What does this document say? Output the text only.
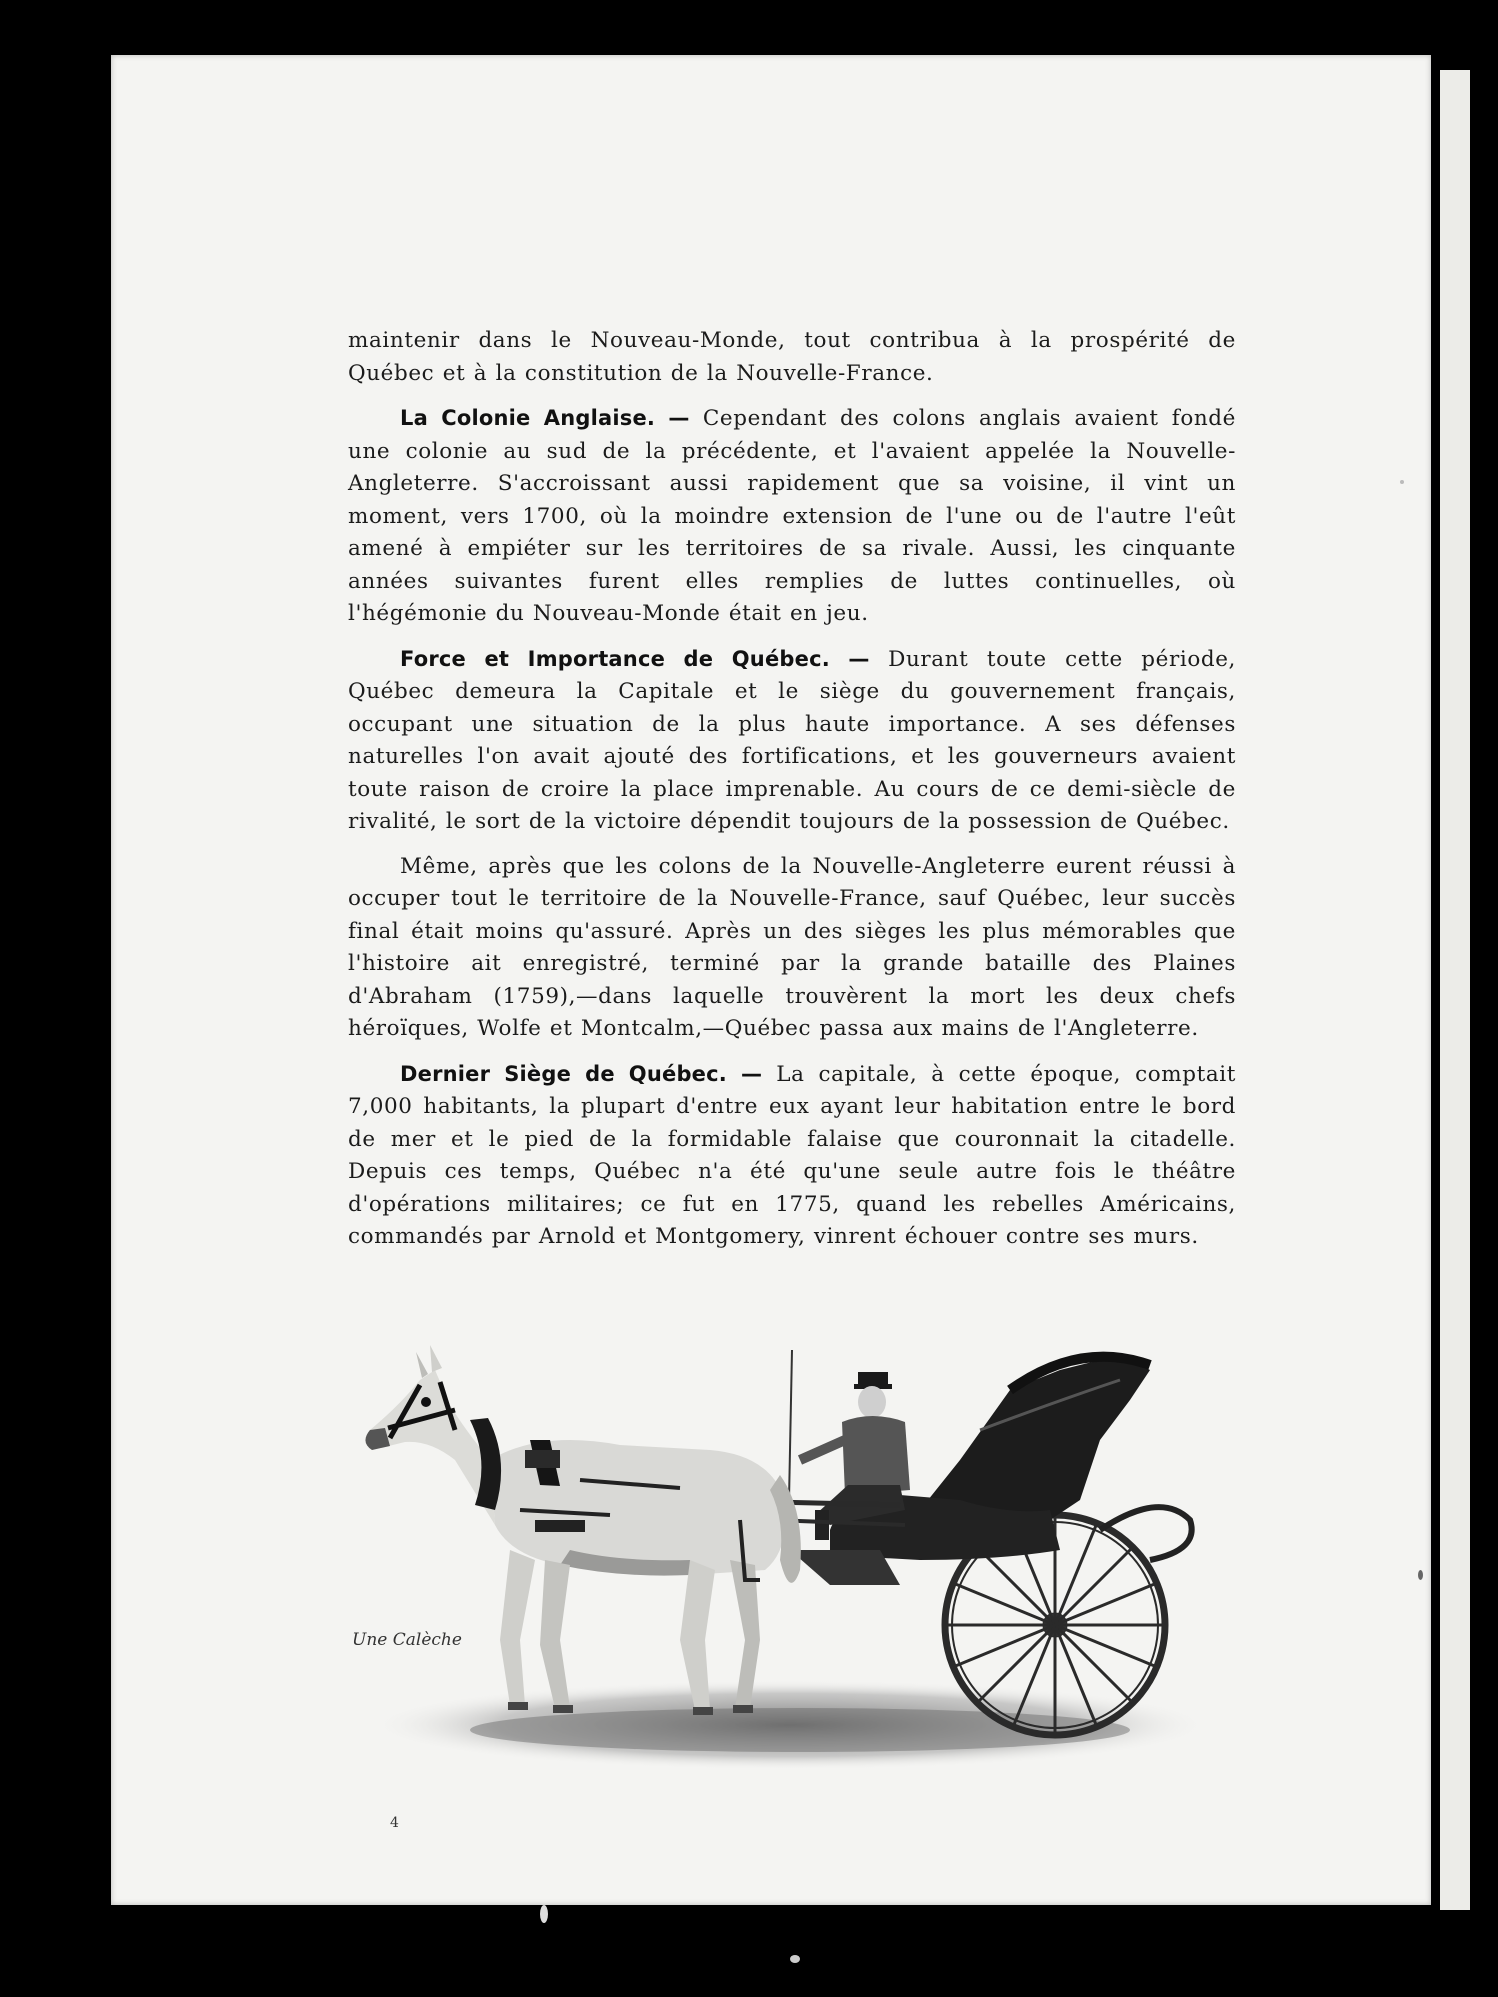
maintenir dans le Nouveau-Monde, tout contribua à la prospérité de Québec et à la constitution de la Nouvelle-France.

La Colonie Anglaise. — Cependant des colons anglais avaient fondé une colonie au sud de la précédente, et l'avaient appelée la Nouvelle-Angleterre. S'accroissant aussi rapidement que sa voisine, il vint un moment, vers 1700, où la moindre extension de l'une ou de l'autre l'eût amené à empiéter sur les territoires de sa rivale. Aussi, les cinquante années suivantes furent elles remplies de luttes continuelles, où l'hégémonie du Nouveau-Monde était en jeu.

Force et Importance de Québec. — Durant toute cette période, Québec demeura la Capitale et le siège du gouvernement français, occupant une situation de la plus haute importance. A ses défenses naturelles l'on avait ajouté des fortifications, et les gouverneurs avaient toute raison de croire la place imprenable. Au cours de ce demi-siècle de rivalité, le sort de la victoire dépendit toujours de la possession de Québec.

Même, après que les colons de la Nouvelle-Angleterre eurent réussi à occuper tout le territoire de la Nouvelle-France, sauf Québec, leur succès final était moins qu'assuré. Après un des sièges les plus mémorables que l'histoire ait enregistré, terminé par la grande bataille des Plaines d'Abraham (1759),—dans laquelle trouvèrent la mort les deux chefs héroïques, Wolfe et Montcalm,—Québec passa aux mains de l'Angleterre.

Dernier Siège de Québec. — La capitale, à cette époque, comptait 7,000 habitants, la plupart d'entre eux ayant leur habitation entre le bord de mer et le pied de la formidable falaise que couronnait la citadelle. Depuis ces temps, Québec n'a été qu'une seule autre fois le théâtre d'opérations militaires; ce fut en 1775, quand les rebelles Américains, commandés par Arnold et Montgomery, vinrent échouer contre ses murs.

Une Calèche
4
